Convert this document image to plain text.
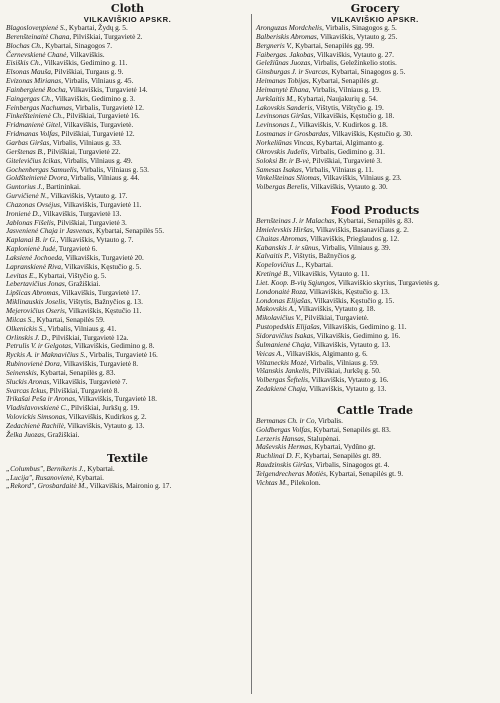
Cloth
VILKAVIŠKIO APSKR.
Blagosloveņpienė S., Kybartai, Žydų g. 5.
Berenšteinaitė Chana, Pilviškiai, Turgavietė 2.
Blochas Ch., Kybartai, Sinagogos 7.
Černevskienė Chanė, Vilkaviškis.
Eisiškis Ch., Vilkaviškis, Gedimino g. 11.
Elsonas Mauša, Pilviškiai, Turgaus g. 9.
Evizonas Mirianas, Virbalis, Vilniaus g. 45.
Fainbergienė Rocha, Vilkaviškis, Turgavietė 14.
Faingergas Ch., Vilkaviškis, Gedimino g. 3.
Feinbergas Nachumas, Virbalis, Turgavietė 12.
Finkelšteinienė Ch., Pilviškiai, Turgavietė 16.
Fridmanienė Gitel, Vilkaviškis, Turgavietė.
Fridmanas Volfas, Pilviškiai, Turgavietė 12.
Garbas Giršas, Virbalis, Vilniaus g. 33.
Gerštenas B., Pilviškiai, Turgavietė 22.
Gitelevičius Icikas, Virbalis, Vilniaus g. 49.
Gochenbergas Samuelis, Virbalis, Vilniaus g. 53.
Goldšteinienė Dvora, Virbalis, Vilniaus g. 44.
Guntorius J., Bartininkai.
Gurvičienė N., Vilkaviškis, Vytauto g. 17.
Chazonas Ovsėjus, Vilkaviškis, Turgavietė 11.
Ironienė D., Vilkaviškis, Turgavietė 13.
Jablonas Fišelis, Pilviškiai, Turgavietė 3.
Jasvenienė Chaja ir Jasvenas, Kybartai, Senapilės 55.
Kaplanai B. ir G., Vilkaviškis, Vytauto g. 7.
Kaplonienė Judė, Turgavietė 6.
Laksienė Jochoeda, Vilkaviškis, Turgavietė 20.
Lapranskienė Riva, Vilkaviškis, Kęstučio g. 5.
Levitas E., Kybartai, Vištyčio g. 5.
Lebertavičius Jonas, Gražiškiai.
Lipšicas Abromas, Vilkaviškis, Turgavietė 17.
Miklinauskis Joselis, Vištytis, Bažnyčios g. 13.
Mejerovičius Oseris, Vilkaviškis, Kęstučio 11.
Milcas S., Kybartai, Senapilės 59.
Olkenickis S., Virbalis, Vilniaus g. 41.
Orlinskis J. D., Pilviškiai, Turgavietė 12a.
Petrulis V. ir Gelgotas, Vilkaviškis, Gedimino g. 8.
Ryckis A. ir Maknavičius S., Virbalis, Turgavietė 16.
Rubinovienė Dora, Vilkaviškis, Turgavietė 8.
Seinenskis, Kybartai, Senapilės g. 83.
Sluckis Aronas, Vilkaviškis, Turgavietė 7.
Svarcas Ickus, Pilviškiai, Turgavietė 8.
Trikašai Peša ir Aronas, Vilkaviškis, Turgavietė 18.
Vladislavovskienė C., Pilviškiai, Jurkšų g. 19.
Volovickis Simsonas, Vilkaviškis, Kudirkos g. 2.
Zedachienė Rachilė, Vilkaviškis, Vytauto g. 13.
Želka Juozas, Gražiškiai.
Textile
„Columbus", Bernikeris J., Kybartai.
„Lucija", Rusanovienė, Kybartai.
„Rekord", Grosbardaitė M., Vilkaviškis, Maironio g. 17.
Grocery
VILKAVIŠKIO APSKR.
Aronguzas Mordchelis, Virbalis, Sinagogos g. 5.
Balberiskis Abromas, Vilkaviškis, Vytauto g. 25.
Bergneris V., Kybartai, Senapilės gg. 99.
Faibergas. Jakobas, Vilkaviškis, Vytauto g. 27.
Geležiūnas Juozas, Virbalis, Geležinkelio stotis.
Ginsburgas J. ir Svarcas, Kybartai, Sinagogos g. 5.
Heimanas Tobijas, Kybartai, Senapilės gt.
Heimanytė Ehana, Virbalis, Vilniaus g. 19.
Jurkšaitis M., Kybartai, Naujakurių g. 54.
Lakovskis Sanderis, Vištytis, Vištyčio g. 19.
Levinsonas Giršas, Vilkaviškis, Kęstučio g. 18.
Levinsonas I., Vilkaviškis, V. Kudirkos g. 18.
Losmanas ir Grosbardas, Vilkaviškis, Kęstučio g. 30.
Norkeliūnas Vincas, Kybartai, Algimanto g.
Okrovskis Judelis, Virbalis, Gedimino g. 31.
Soloksi Br. ir B-vė, Pilviškiai, Turgavietė 3.
Samesas Isakas, Virbalis, Vilniaus g. 11.
Vinkelšteinas Sliomas, Vilkaviškis, Vilniaus g. 23.
Volbergas Berelis, Vilkaviškis, Vytauto g. 30.
Food Products
Bernšteinas J. ir Malachas, Kybartai, Senapilės g. 83.
Hmielevskis Hiršas, Vilkaviškis, Basanavičiaus g. 2.
Chaitas Abromas, Vilkaviškis, Prieglaudos g. 12.
Kabanskis J. ir sūnus, Virbalis, Vilniaus g. 39.
Kalvaitis P., Vištytis, Bažnyčios g.
Kopelovičius L., Kybartai.
Kretingė B., Vilkaviškis, Vytauto g. 11.
Liet. Koop. B-vių Sąjungos, Vilkaviškio skyrius, Turgavietės g.
Londonaitė Roza, Vilkaviškis, Kęstučio g. 13.
Londonas Elijašas, Vilkaviškis, Kęstučio g. 15.
Makovskis A., Vilkaviškis, Vytauto g. 18.
Mikolavičius V., Pilviškiai, Turgavietė.
Pustopedskis Elijašas, Vilkaviškis, Gedimino g. 11.
Sidoravičius Isakas, Vilkaviškis, Gedimino g. 16.
Šulmanienė Chaja, Vilkaviškis, Vytauto g. 13.
Veicas A., Vilkaviškis, Algimanto g. 6.
Vištaneckis Mozė, Virbalis, Vilniaus g. 59.
Višanskis Jankelis, Pilviškiai, Jurkšų g. 50.
Volbergas Šeftelis, Vilkaviškis, Vytauto g. 16.
Zedakienė Chaja, Vilkaviškis, Vytauto g. 13.
Cattle Trade
Bermanas Ch. ir Co, Virbalis.
Goldbergas Volfas, Kybartai, Senapilės gt. 83.
Lerzeris Hansas, Stalupėnai.
Maševskis Hermas, Kybartai, Vydūno gt.
Ruchlinai D. F., Kybartai, Senapilės gt. 89.
Raudzinskis Giršas, Virbalis, Sinagogos gt. 4.
Telgendrecheras Motiės, Kybartai, Senapilės gt. 9.
Vichtas M., Pilekolon.
